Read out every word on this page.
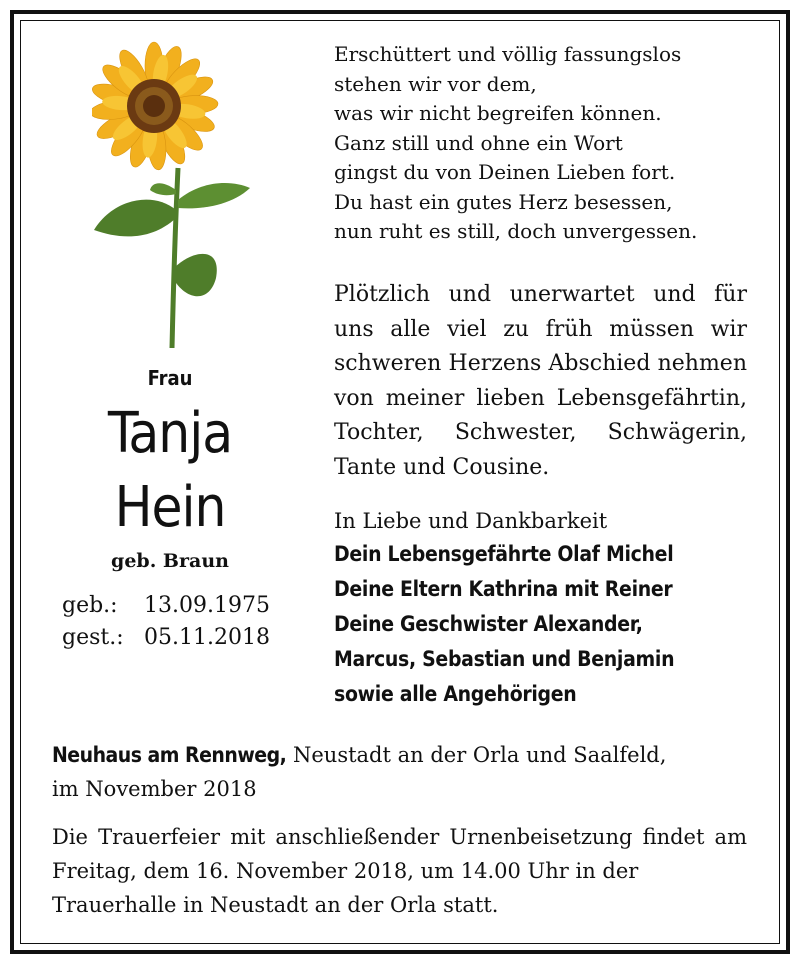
Frau
Tanja
Hein
geb. Braun
geb.:	13.09.1975
gest.: 05.11.2018
Erschüttert und völlig fassungslos
stehen wir vor dem,
was wir nicht begreifen können.
Ganz still und ohne ein Wort
gingst du von Deinen Lieben fort.
Du hast ein gutes Herz besessen,
nun ruht es still, doch unvergessen.
Plötzlich und unerwartet und für uns alle viel zu früh müssen wir schweren Herzens Abschied nehmen von meiner lieben Lebensgefährtin, Tochter, Schwester, Schwägerin, Tante und Cousine.
In Liebe und Dankbarkeit
Dein Lebensgefährte Olaf Michel
Deine Eltern Kathrina mit Reiner
Deine Geschwister Alexander,
Marcus, Sebastian und Benjamin
sowie alle Angehörigen
Neuhaus am Rennweg, Neustadt an der Orla und Saalfeld,
im November 2018
Die Trauerfeier mit anschließender Urnenbeisetzung findet am Freitag, dem 16. November 2018, um 14.00 Uhr in der
Trauerhalle in Neustadt an der Orla statt.
